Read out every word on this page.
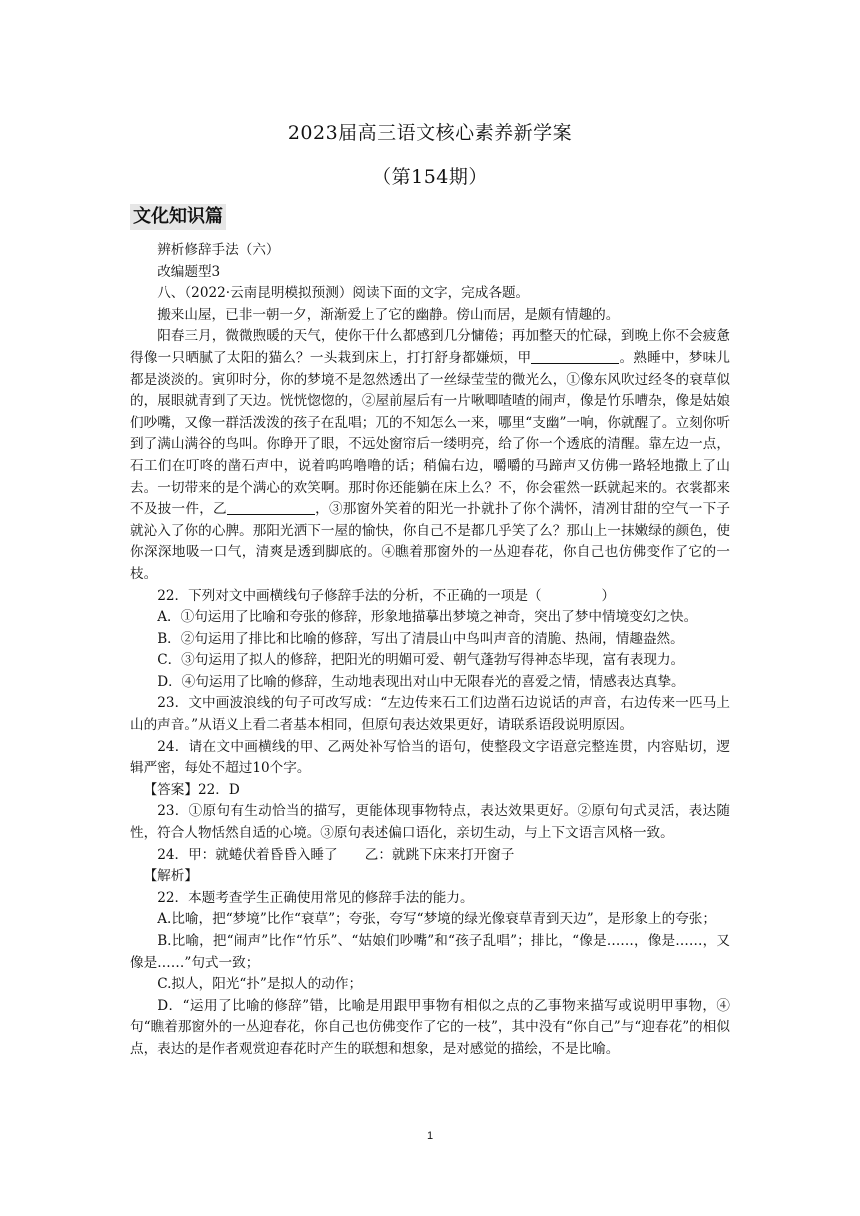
2023届高三语文核心素养新学案
（第154期）
文化知识篇

辨析修辞手法（六）

改编题型3

八、（2022·云南昆明模拟预测）阅读下面的文字，完成各题。

搬来山屋，已非一朝一夕，渐渐爱上了它的幽静。傍山而居，是颇有情趣的。

阳春三月，微微煦暖的天气，使你干什么都感到几分慵倦；再加整天的忙碌，到晚上你不会疲惫得像一只晒腻了太阳的猫么？一头栽到床上，打打舒身都嫌烦，甲	。熟睡中，梦味儿都是淡淡的。寅卯时分，你的梦境不是忽然透出了一丝绿莹莹的微光么，①像东风吹过经冬的衰草似的，展眼就青到了天边。恍恍惚惚的，②屋前屋后有一片啾唧喳喳的闹声，像是竹乐嘈杂，像是姑娘们吵嘴，又像一群活泼泼的孩子在乱唱；兀的不知怎么一来，哪里“支幽”一响，你就醒了。立刻你听到了满山满谷的鸟叫。你睁开了眼，不远处窗帘后一缕明亮，给了你一个透底的清醒。靠左边一点，石工们在叮咚的凿石声中，说着呜呜噜噜的话；稍偏右边，嚼嚼的马蹄声又仿佛一路轻地撒上了山去。一切带来的是个满心的欢笑啊。那时你还能躺在床上么？不，你会霍然一跃就起来的。衣裳都来不及披一件，乙	，③那窗外笑着的阳光一扑就扑了你个满怀，清冽甘甜的空气一下子就沁入了你的心脾。那阳光洒下一屋的愉快，你自己不是都几乎笑了么？那山上一抹嫩绿的颜色，使你深深地吸一口气，清爽是透到脚底的。④瞧着那窗外的一丛迎春花，你自己也仿佛变作了它的一枝。

22．下列对文中画横线句子修辞手法的分析，不正确的一项是（	）

A．①句运用了比喻和夸张的修辞，形象地描摹出梦境之神奇，突出了梦中情境变幻之快。

B．②句运用了排比和比喻的修辞，写出了清晨山中鸟叫声音的清脆、热闹，情趣盎然。

C．③句运用了拟人的修辞，把阳光的明媚可爱、朝气蓬勃写得神态毕现，富有表现力。

D．④句运用了比喻的修辞，生动地表现出对山中无限春光的喜爱之情，情感表达真挚。

23．文中画波浪线的句子可改写成：“左边传来石工们边凿石边说话的声音，右边传来一匹马上山的声音。”从语义上看二者基本相同，但原句表达效果更好，请联系语段说明原因。

24．请在文中画横线的甲、乙两处补写恰当的语句，使整段文字语意完整连贯，内容贴切，逻辑严密，每处不超过10个字。

【答案】22．D

23．①原句有生动恰当的描写，更能体现事物特点，表达效果更好。②原句句式灵活，表达随性，符合人物恬然自适的心境。③原句表述偏口语化，亲切生动，与上下文语言风格一致。

24．甲：就蜷伏着昏昏入睡了　　乙：就跳下床来打开窗子

【解析】

22．本题考查学生正确使用常见的修辞手法的能力。

A.比喻，把“梦境”比作“衰草”；夸张，夸写“梦境的绿光像衰草青到天边”，是形象上的夸张；

B.比喻，把“闹声”比作“竹乐”、“姑娘们吵嘴”和“孩子乱唱”；排比，“像是……，像是……，又像是……”句式一致；

C.拟人，阳光“扑”是拟人的动作；

D．“运用了比喻的修辞”错，比喻是用跟甲事物有相似之点的乙事物来描写或说明甲事物，④句“瞧着那窗外的一丛迎春花，你自己也仿佛变作了它的一枝”，其中没有“你自己”与“迎春花”的相似点，表达的是作者观赏迎春花时产生的联想和想象，是对感觉的描绘，不是比喻。

1
